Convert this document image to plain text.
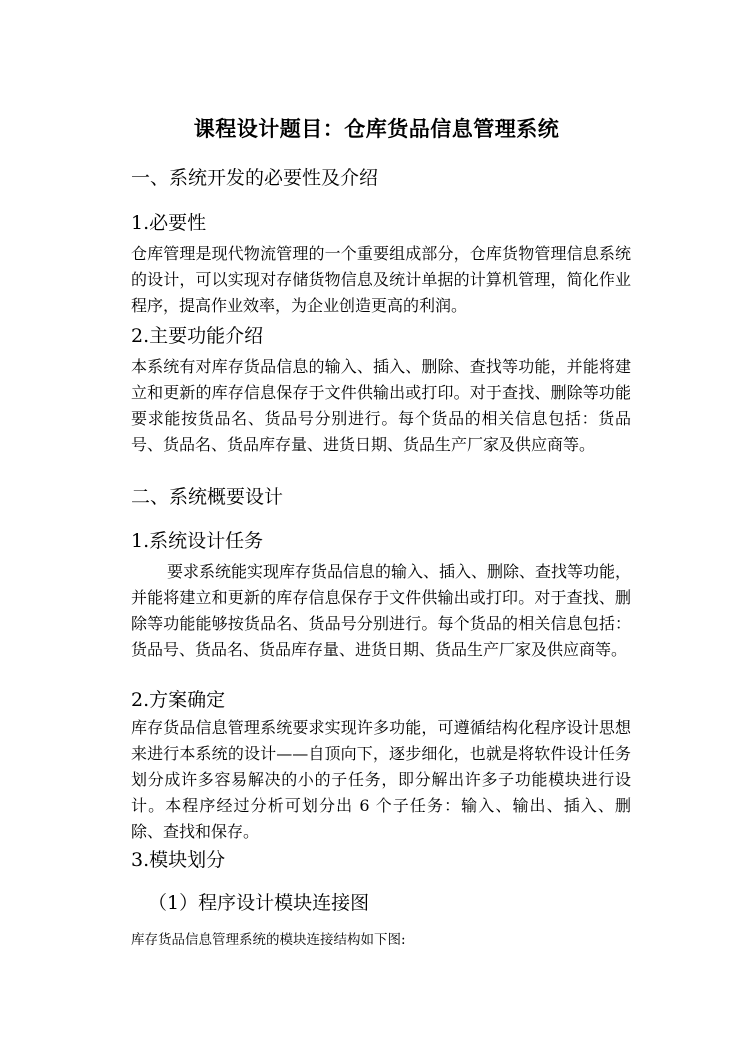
课程设计题目：仓库货品信息管理系统
一、系统开发的必要性及介绍
1.必要性
仓库管理是现代物流管理的一个重要组成部分，仓库货物管理信息系统的设计，可以实现对存储货物信息及统计单据的计算机管理，简化作业程序，提高作业效率，为企业创造更高的利润。
2.主要功能介绍
本系统有对库存货品信息的输入、插入、删除、查找等功能，并能将建立和更新的库存信息保存于文件供输出或打印。对于查找、删除等功能要求能按货品名、货品号分别进行。每个货品的相关信息包括：货品号、货品名、货品库存量、进货日期、货品生产厂家及供应商等。
二、系统概要设计
1.系统设计任务
要求系统能实现库存货品信息的输入、插入、删除、查找等功能，并能将建立和更新的库存信息保存于文件供输出或打印。对于查找、删除等功能能够按货品名、货品号分别进行。每个货品的相关信息包括：货品号、货品名、货品库存量、进货日期、货品生产厂家及供应商等。
2.方案确定
库存货品信息管理系统要求实现许多功能，可遵循结构化程序设计思想来进行本系统的设计——自顶向下，逐步细化，也就是将软件设计任务划分成许多容易解决的小的子任务，即分解出许多子功能模块进行设计。本程序经过分析可划分出 6 个子任务：输入、输出、插入、删除、查找和保存。
3.模块划分
（1）程序设计模块连接图
库存货品信息管理系统的模块连接结构如下图:
